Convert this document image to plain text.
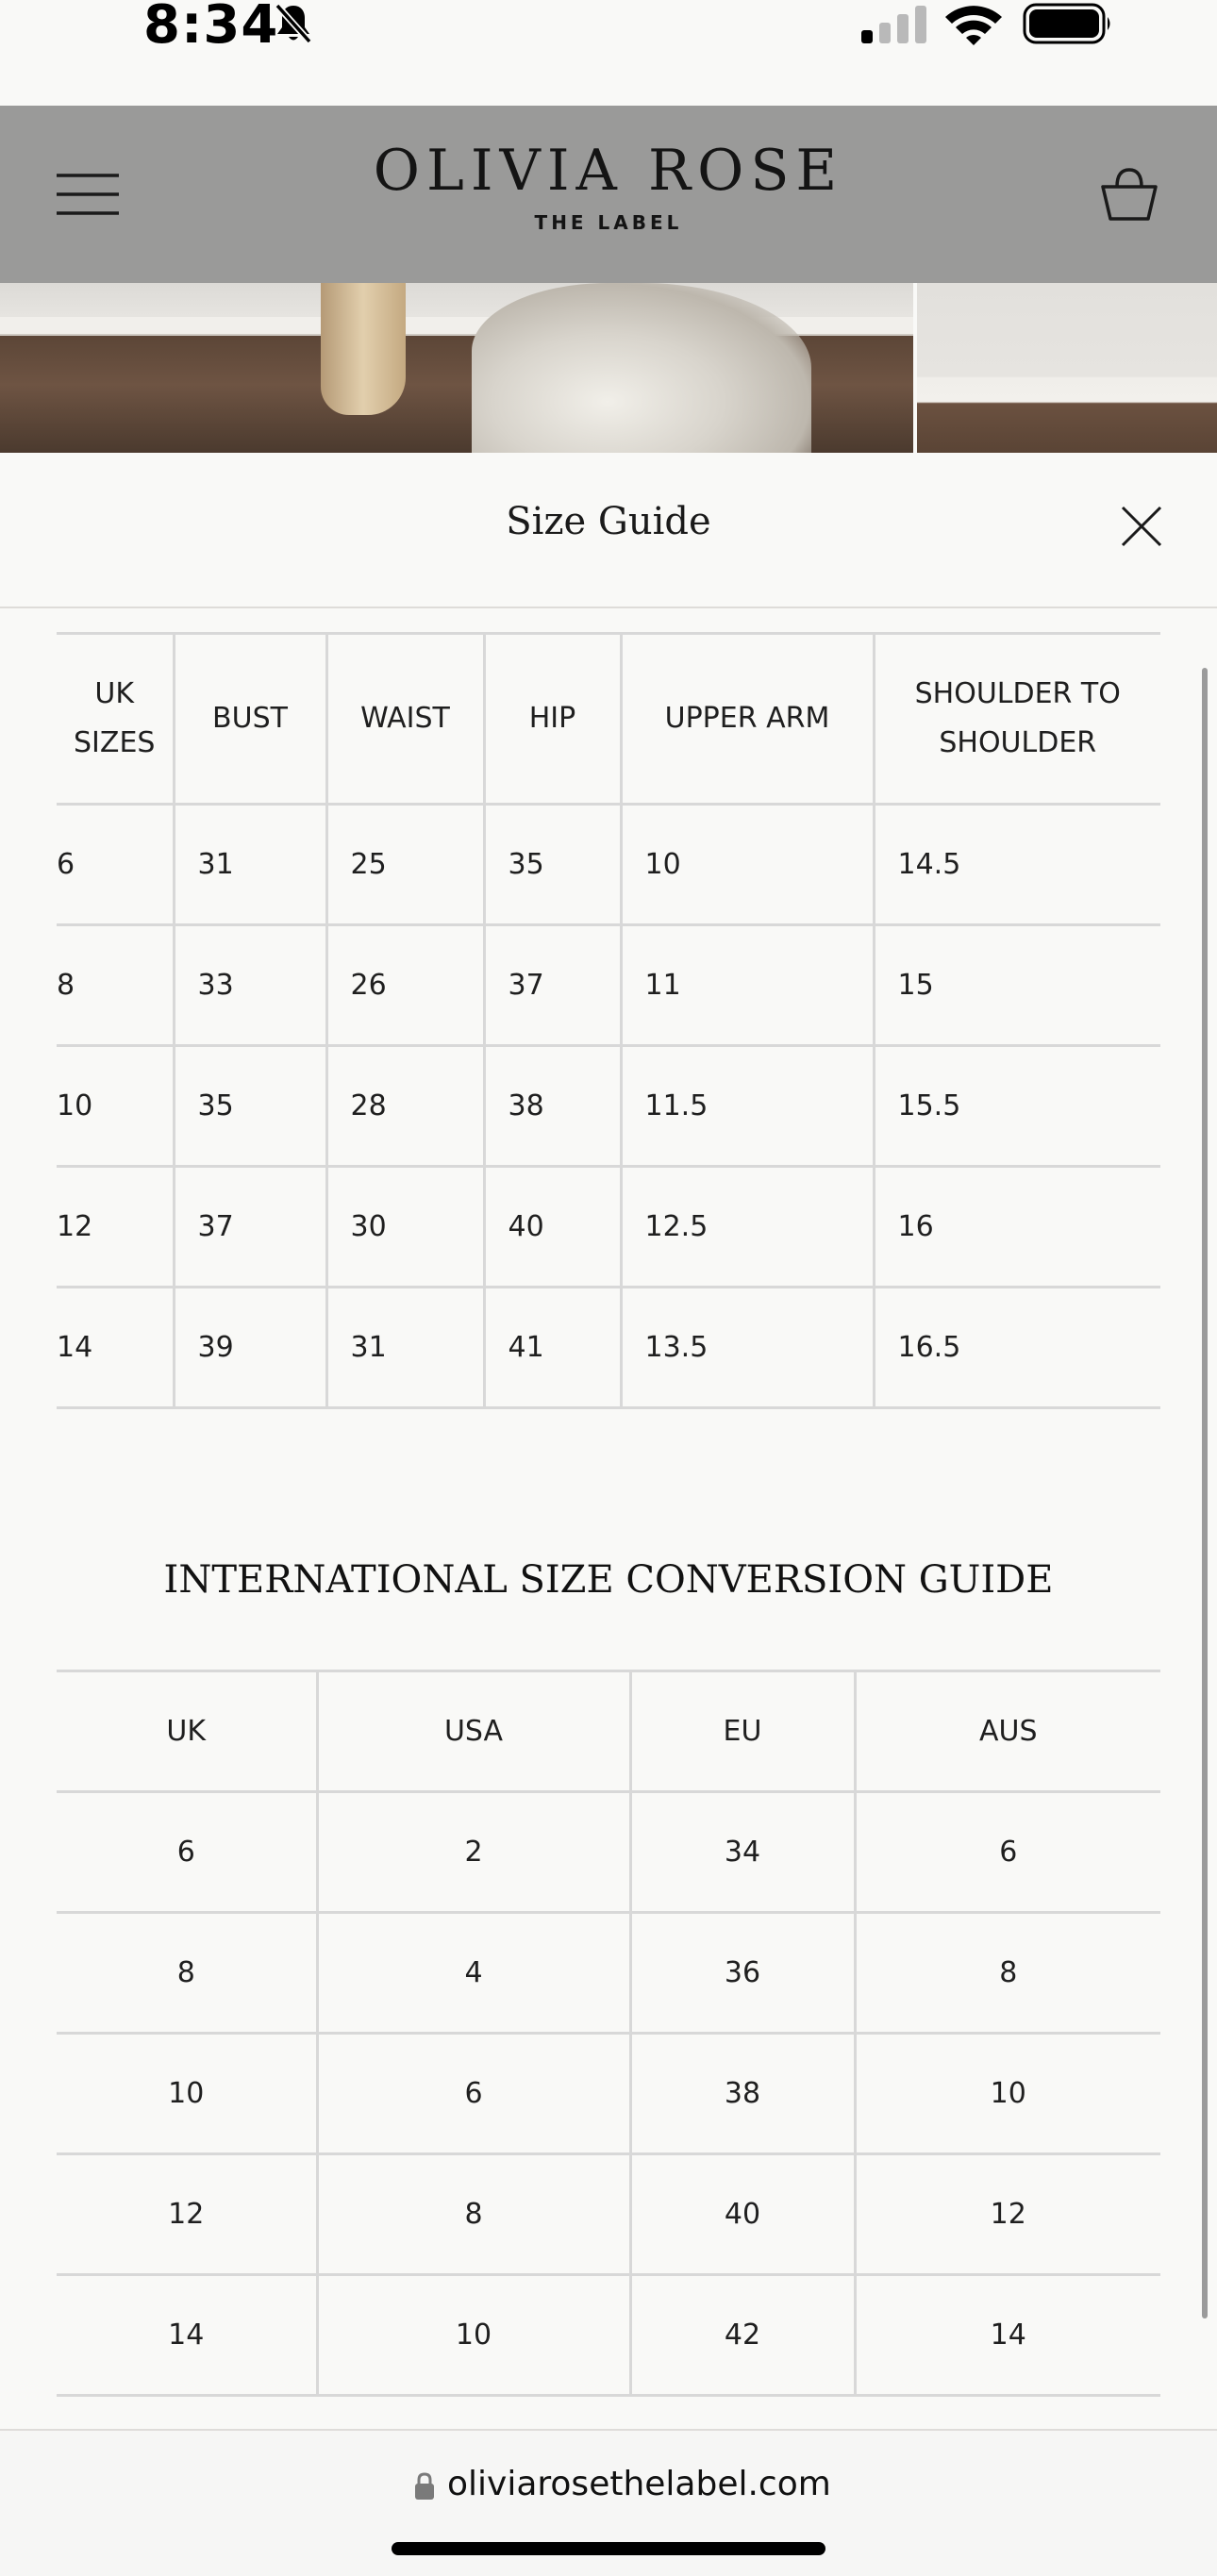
8:34
OLIVIA ROSE
THE LABEL
Size Guide
UK
SIZES	BUST	WAIST	HIP	UPPER ARM	SHOULDER TO
SHOULDER
6	31	25	35	10	14.5
8	33	26	37	11	15
10	35	28	38	11.5	15.5
12	37	30	40	12.5	16
14	39	31	41	13.5	16.5
INTERNATIONAL SIZE CONVERSION GUIDE
UK	USA	EU	AUS
6	2	34	6
8	4	36	8
10	6	38	10
12	8	40	12
14	10	42	14
oliviarosethelabel.com
